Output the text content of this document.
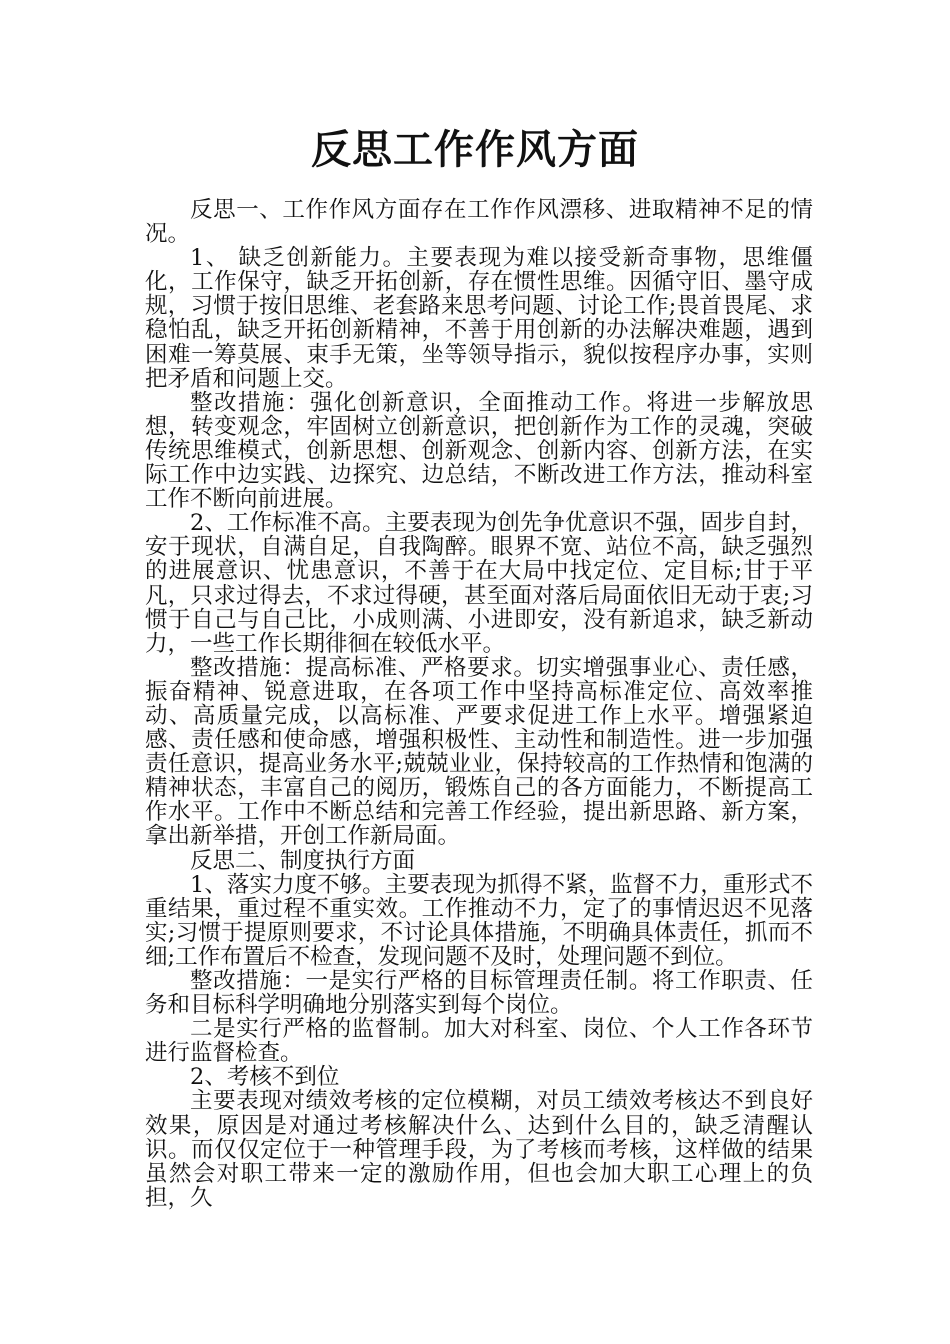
反思工作作风方面

反思一、工作作风方面存在工作作风漂移、进取精神不足的情况。

1、 缺乏创新能力。主要表现为难以接受新奇事物，思维僵化，工作保守，缺乏开拓创新，存在惯性思维。因循守旧、墨守成规，习惯于按旧思维、老套路来思考问题、讨论工作;畏首畏尾、求稳怕乱，缺乏开拓创新精神，不善于用创新的办法解决难题，遇到困难一筹莫展、束手无策，坐等领导指示，貌似按程序办事，实则把矛盾和问题上交。

整改措施：强化创新意识，全面推动工作。将进一步解放思想，转变观念，牢固树立创新意识，把创新作为工作的灵魂，突破传统思维模式，创新思想、创新观念、创新内容、创新方法，在实际工作中边实践、边探究、边总结，不断改进工作方法，推动科室工作不断向前进展。

2、工作标准不高。主要表现为创先争优意识不强，固步自封，安于现状，自满自足，自我陶醉。眼界不宽、站位不高，缺乏强烈的进展意识、忧患意识，不善于在大局中找定位、定目标;甘于平凡，只求过得去，不求过得硬，甚至面对落后局面依旧无动于衷;习惯于自己与自己比，小成则满、小进即安，没有新追求，缺乏新动力，一些工作长期徘徊在较低水平。

整改措施：提高标准、严格要求。切实增强事业心、责任感，振奋精神、锐意进取，在各项工作中坚持高标准定位、高效率推动、高质量完成，以高标准、严要求促进工作上水平。增强紧迫感、责任感和使命感，增强积极性、主动性和制造性。进一步加强责任意识，提高业务水平;兢兢业业，保持较高的工作热情和饱满的精神状态，丰富自己的阅历，锻炼自己的各方面能力，不断提高工作水平。工作中不断总结和完善工作经验，提出新思路、新方案，拿出新举措，开创工作新局面。

反思二、制度执行方面

1、落实力度不够。主要表现为抓得不紧，监督不力，重形式不重结果，重过程不重实效。工作推动不力，定了的事情迟迟不见落实;习惯于提原则要求，不讨论具体措施，不明确具体责任，抓而不细;工作布置后不检查，发现问题不及时，处理问题不到位。

整改措施：一是实行严格的目标管理责任制。将工作职责、任务和目标科学明确地分别落实到每个岗位。

二是实行严格的监督制。加大对科室、岗位、个人工作各环节进行监督检查。

2、考核不到位

主要表现对绩效考核的定位模糊，对员工绩效考核达不到良好效果，原因是对通过考核解决什么、达到什么目的，缺乏清醒认识。而仅仅定位于一种管理手段，为了考核而考核，这样做的结果虽然会对职工带来一定的激励作用，但也会加大职工心理上的负担，久
